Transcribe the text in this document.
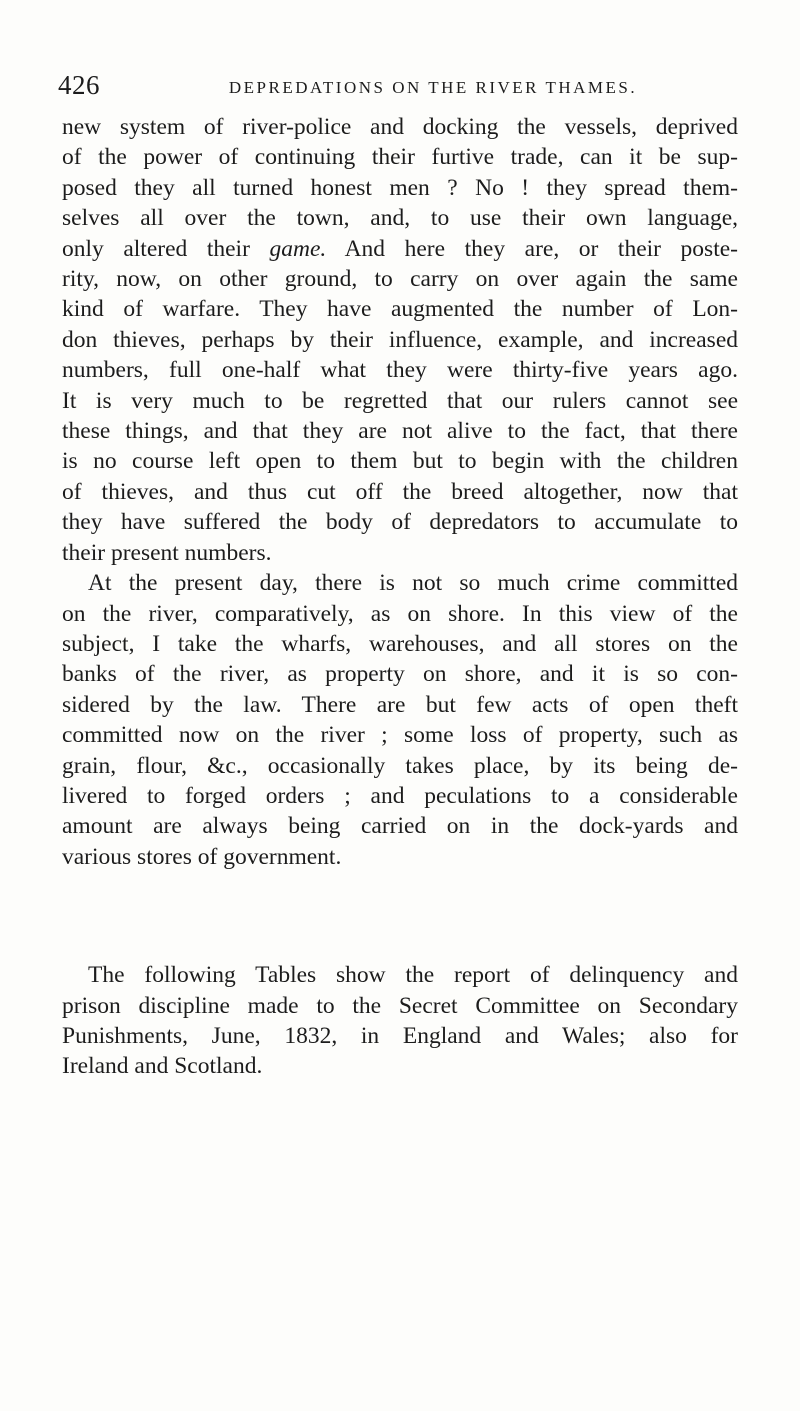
426	DEPREDATIONS ON THE RIVER THAMES.
new system of river-police and docking the vessels, deprived
of the power of continuing their furtive trade, can it be sup-
posed they all turned honest men ? No ! they spread them-
selves all over the town, and, to use their own language,
only altered their game. And here they are, or their poste-
rity, now, on other ground, to carry on over again the same
kind of warfare. They have augmented the number of Lon-
don thieves, perhaps by their influence, example, and increased
numbers, full one-half what they were thirty-five years ago.
It is very much to be regretted that our rulers cannot see
these things, and that they are not alive to the fact, that there
is no course left open to them but to begin with the children
of thieves, and thus cut off the breed altogether, now that
they have suffered the body of depredators to accumulate to
their present numbers.
At the present day, there is not so much crime committed
on the river, comparatively, as on shore. In this view of the
subject, I take the wharfs, warehouses, and all stores on the
banks of the river, as property on shore, and it is so con-
sidered by the law. There are but few acts of open theft
committed now on the river ; some loss of property, such as
grain, flour, &c., occasionally takes place, by its being de-
livered to forged orders ; and peculations to a considerable
amount are always being carried on in the dock-yards and
various stores of government.
The following Tables show the report of delinquency and
prison discipline made to the Secret Committee on Secondary
Punishments, June, 1832, in England and Wales; also for
Ireland and Scotland.
